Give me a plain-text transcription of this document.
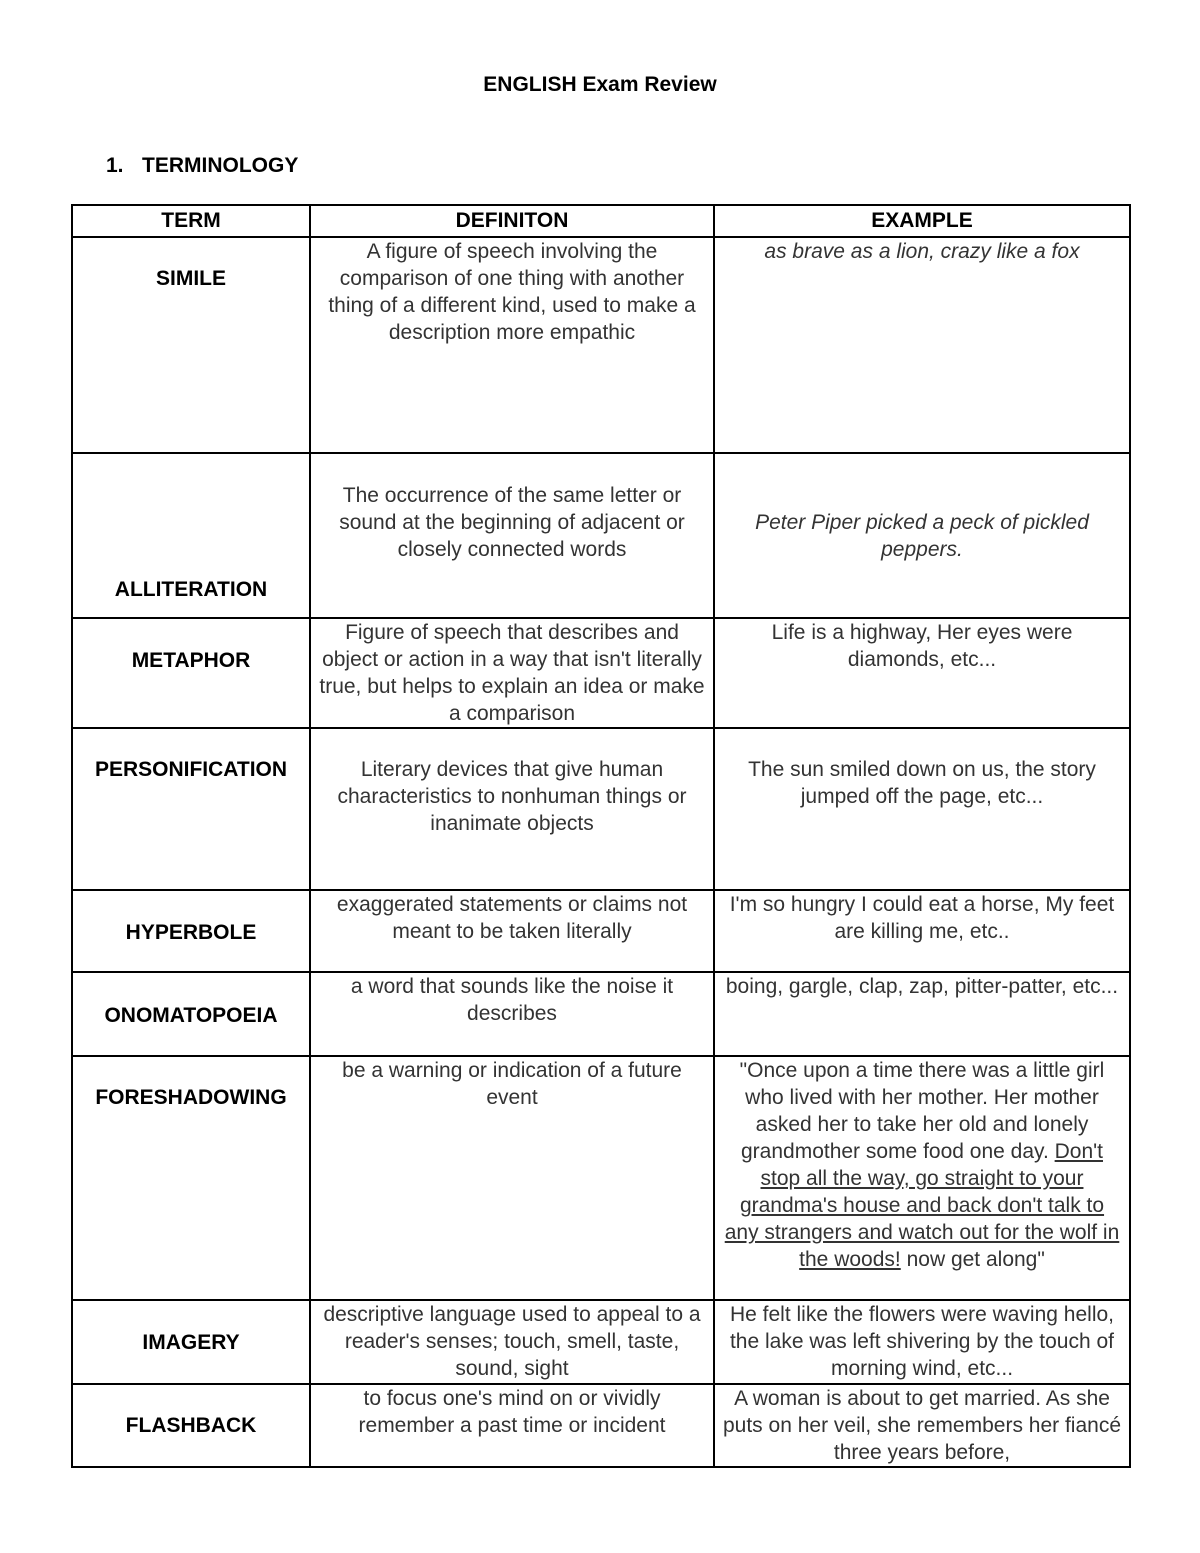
ENGLISH Exam Review
1. TERMINOLOGY
TERM	DEFINITON	EXAMPLE
SIMILE	A figure of speech involving the comparison of one thing with another thing of a different kind, used to make a description more empathic	as brave as a lion, crazy like a fox
ALLITERATION	The occurrence of the same letter or sound at the beginning of adjacent or closely connected words	Peter Piper picked a peck of pickled peppers.
METAPHOR	Figure of speech that describes and object or action in a way that isn't literally true, but helps to explain an idea or make a comparison	Life is a highway, Her eyes were diamonds, etc...
PERSONIFICATION	Literary devices that give human characteristics to nonhuman things or inanimate objects	The sun smiled down on us, the story jumped off the page, etc...
HYPERBOLE	exaggerated statements or claims not meant to be taken literally	I'm so hungry I could eat a horse, My feet are killing me, etc..
ONOMATOPOEIA	a word that sounds like the noise it describes	boing, gargle, clap, zap, pitter-patter, etc...
FORESHADOWING	be a warning or indication of a future event	"Once upon a time there was a little girl who lived with her mother. Her mother asked her to take her old and lonely grandmother some food one day. Don't stop all the way, go straight to your grandma's house and back don't talk to any strangers and watch out for the wolf in the woods! now get along"
IMAGERY	descriptive language used to appeal to a reader's senses; touch, smell, taste, sound, sight	He felt like the flowers were waving hello, the lake was left shivering by the touch of morning wind, etc...
FLASHBACK	to focus one's mind on or vividly remember a past time or incident	A woman is about to get married. As she puts on her veil, she remembers her fiancé three years before,
